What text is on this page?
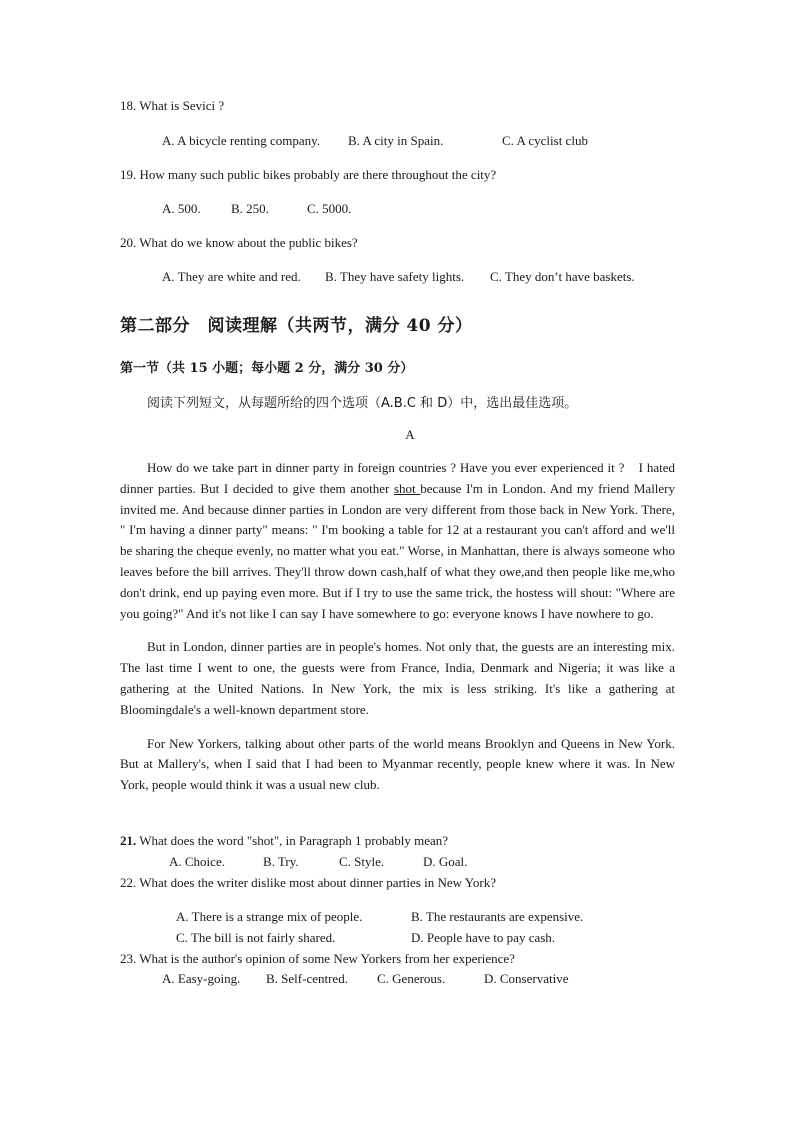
18. What is Sevici ?
A. A bicycle renting company. B. A city in Spain.	C. A cyclist club
19. How many such public bikes probably are there throughout the city?
A. 500. B. 250.	C. 5000.
20. What do we know about the public bikes?
A. They are white and red. B. They have safety lights. C. They don’t have baskets.
第二部分　阅读理解（共两节，满分 40 分）
第一节（共 15 小题；每小题 2 分，满分 30 分）
阅读下列短文，从每题所给的四个选项（A.B.C 和 D）中，选出最佳选项。
A

How do we take part in dinner party in foreign countries ? Have you ever experienced it ?　I hated dinner parties. But I decided to give them another shot because I'm in London. And my friend Mallery invited me. And because dinner parties in London are very different from those back in New York. There, " I'm having a dinner party" means: " I'm booking a table for 12 at a restaurant you can't afford and we'll be sharing the cheque evenly, no matter what you eat." Worse, in Manhattan, there is always someone who leaves before the bill arrives. They'll throw down cash,half of what they owe,and then people like me,who don't drink, end up paying even more. But if I try to use the same trick, the hostess will shout: "Where are you going?" And it's not like I can say I have somewhere to go: everyone knows I have nowhere to go.

But in London, dinner parties are in people's homes. Not only that, the guests are an interesting mix. The last time I went to one, the guests were from France, India, Denmark and Nigeria; it was like a gathering at the United Nations. In New York, the mix is less striking. It's like a gathering at Bloomingdale's a well-known department store.

For New Yorkers, talking about other parts of the world means Brooklyn and Queens in New York. But at Mallery's, when I said that I had been to Myanmar recently, people knew where it was. In New York, people would think it was a usual new club.

21. What does the word "shot", in Paragraph 1 probably mean?
A. Choice.	B. Try.	C. Style.	D. Goal.
22. What does the writer dislike most about dinner parties in New York?
A. There is a strange mix of people.	B. The restaurants are expensive.
C. The bill is not fairly shared.	D. People have to pay cash.
23. What is the author's opinion of some New Yorkers from her experience?
A. Easy-going. B. Self-centred. C. Generous.	D. Conservative
